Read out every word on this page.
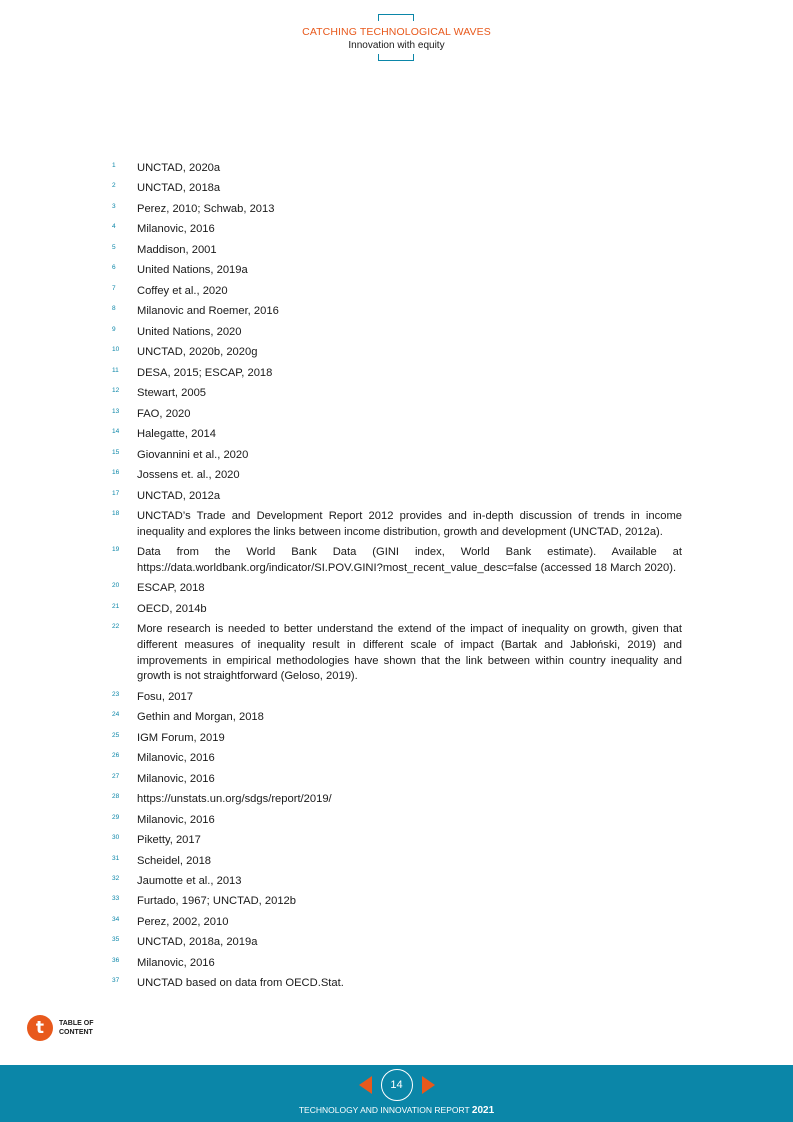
CATCHING TECHNOLOGICAL WAVES
Innovation with equity
1	UNCTAD, 2020a
2	UNCTAD, 2018a
3	Perez, 2010; Schwab, 2013
4	Milanovic, 2016
5	Maddison, 2001
6	United Nations, 2019a
7	Coffey et al., 2020
8	Milanovic and Roemer, 2016
9	United Nations, 2020
10	UNCTAD, 2020b, 2020g
11	DESA, 2015; ESCAP, 2018
12	Stewart, 2005
13	FAO, 2020
14	Halegatte, 2014
15	Giovannini et al., 2020
16	Jossens et. al., 2020
17	UNCTAD, 2012a
18	UNCTAD’s Trade and Development Report 2012 provides and in-depth discussion of trends in income inequality and explores the links between income distribution, growth and development (UNCTAD, 2012a).
19	Data from the World Bank Data (GINI index, World Bank estimate). Available at https://data.worldbank.org/indicator/SI.POV.GINI?most_recent_value_desc=false (accessed 18 March 2020).
20	ESCAP, 2018
21	OECD, 2014b
22	More research is needed to better understand the extend of the impact of inequality on growth, given that different measures of inequality result in different scale of impact (Bartak and Jabłoński, 2019) and improvements in empirical methodologies have shown that the link between within country inequality and growth is not straightforward (Geloso, 2019).
23	Fosu, 2017
24	Gethin and Morgan, 2018
25	IGM Forum, 2019
26	Milanovic, 2016
27	Milanovic, 2016
28	https://unstats.un.org/sdgs/report/2019/
29	Milanovic, 2016
30	Piketty, 2017
31	Scheidel, 2018
32	Jaumotte et al., 2013
33	Furtado, 1967; UNCTAD, 2012b
34	Perez, 2002, 2010
35	UNCTAD, 2018a, 2019a
36	Milanovic, 2016
37	UNCTAD based on data from OECD.Stat.
t	TABLE OF
CONTENT
14
TECHNOLOGY AND INNOVATION REPORT 2021
